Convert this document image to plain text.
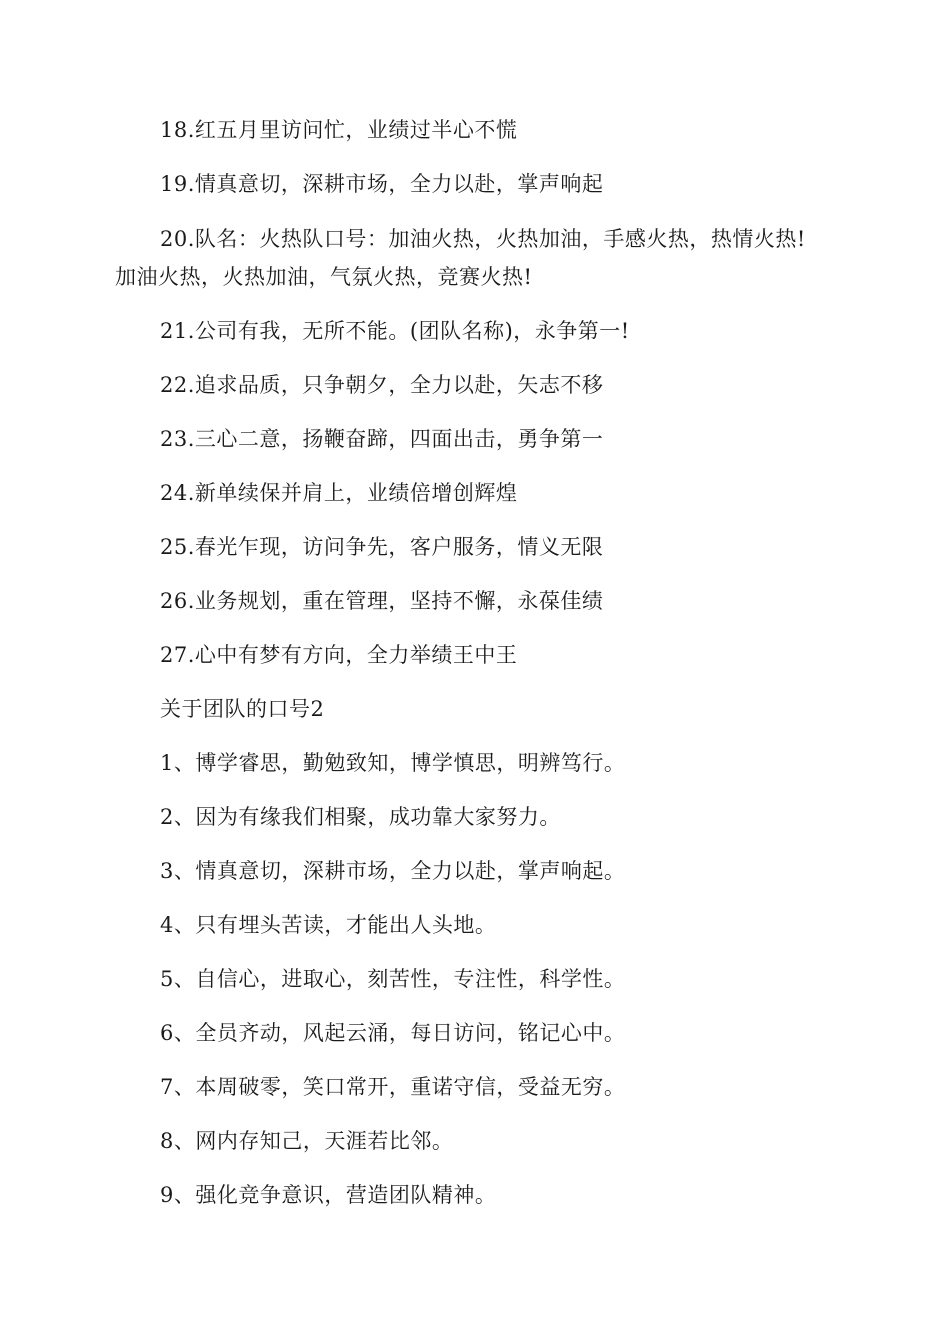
18.红五月里访问忙，业绩过半心不慌
19.情真意切，深耕市场，全力以赴，掌声响起
20.队名：火热队口号：加油火热，火热加油，手感火热，热情火热!
加油火热，火热加油，气氛火热，竞赛火热!
21.公司有我，无所不能。(团队名称)，永争第一!
22.追求品质，只争朝夕，全力以赴，矢志不移
23.三心二意，扬鞭奋蹄，四面出击，勇争第一
24.新单续保并肩上，业绩倍增创辉煌
25.春光乍现，访问争先，客户服务，情义无限
26.业务规划，重在管理，坚持不懈，永葆佳绩
27.心中有梦有方向，全力举绩王中王
关于团队的口号2
1、博学睿思，勤勉致知，博学慎思，明辨笃行。
2、因为有缘我们相聚，成功靠大家努力。
3、情真意切，深耕市场，全力以赴，掌声响起。
4、只有埋头苦读，才能出人头地。
5、自信心，进取心，刻苦性，专注性，科学性。
6、全员齐动，风起云涌，每日访问，铭记心中。
7、本周破零，笑口常开，重诺守信，受益无穷。
8、网内存知己，天涯若比邻。
9、强化竞争意识，营造团队精神。
